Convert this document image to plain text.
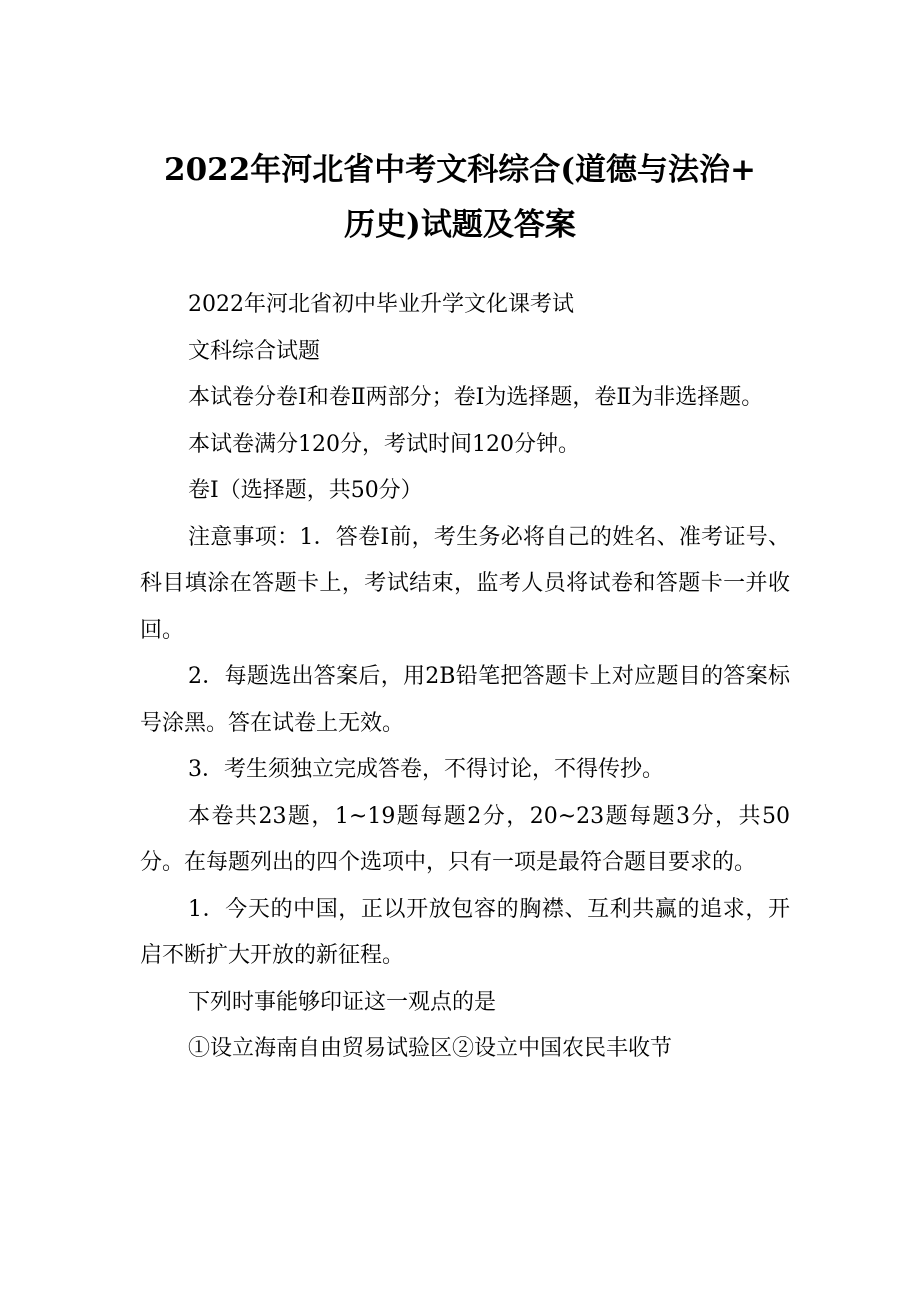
2022年河北省中考文科综合(道德与法治+
历史)试题及答案

2022年河北省初中毕业升学文化课考试

文科综合试题

本试卷分卷Ⅰ和卷Ⅱ两部分；卷Ⅰ为选择题，卷Ⅱ为非选择题。

本试卷满分120分，考试时间120分钟。

卷Ⅰ（选择题，共50分）

注意事项：1．答卷Ⅰ前，考生务必将自己的姓名、准考证号、科目填涂在答题卡上，考试结束，监考人员将试卷和答题卡一并收回。

2．每题选出答案后，用2B铅笔把答题卡上对应题目的答案标号涂黑。答在试卷上无效。

3．考生须独立完成答卷，不得讨论，不得传抄。

本卷共23题，1~19题每题2分，20~23题每题3分，共50分。在每题列出的四个选项中，只有一项是最符合题目要求的。

1．今天的中国，正以开放包容的胸襟、互利共赢的追求，开启不断扩大开放的新征程。

下列时事能够印证这一观点的是

①设立海南自由贸易试验区②设立中国农民丰收节
